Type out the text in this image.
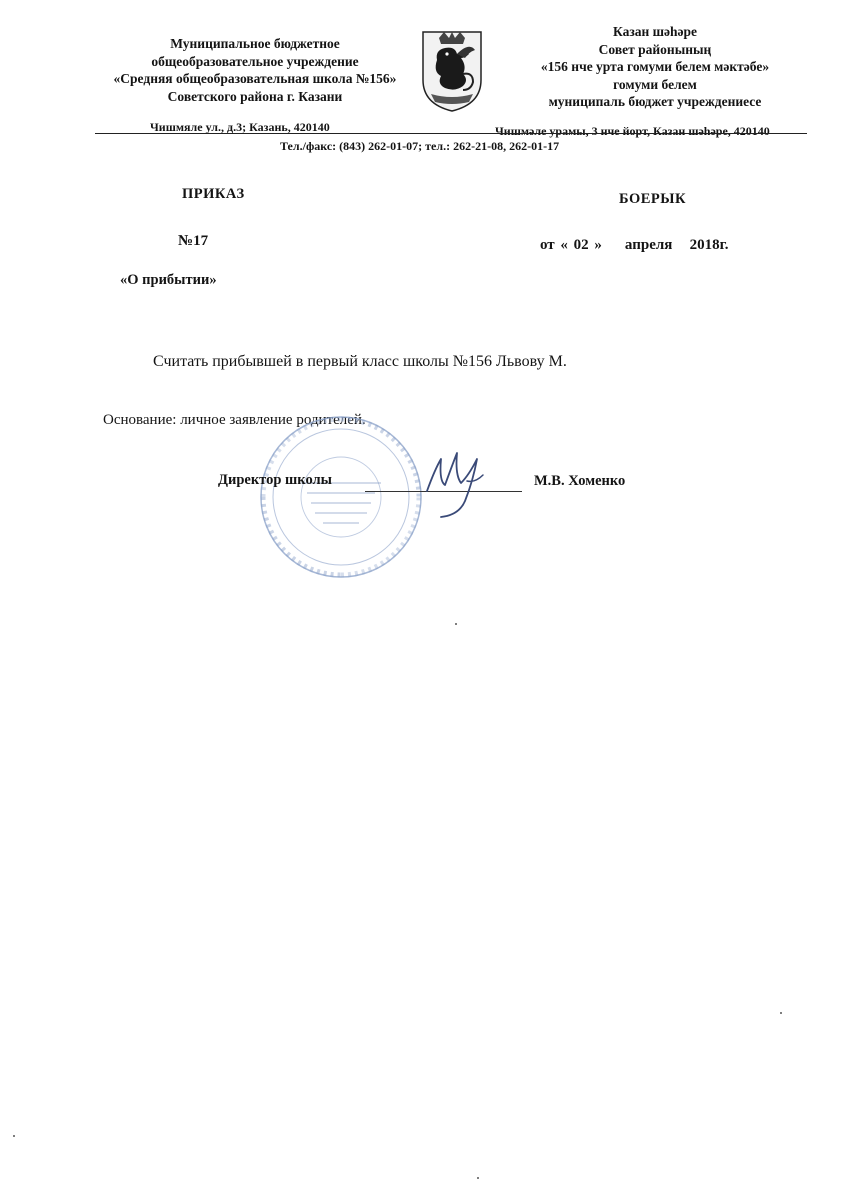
Муниципальное бюджетное
общеобразовательное учреждение
«Средняя общеобразовательная школа №156»
Советского района г. Казани
Казан шәһәре
Совет районының
«156 нче урта гомуми белем мәктәбе»
гомуми белем
муниципаль бюджет учреждениесе
Чишмяле ул., д.3; Казань, 420140	Чишмәле урамы, 3 нче йорт, Казан шәһәре, 420140
Тел./факс: (843) 262-01-07; тел.: 262-21-08, 262-01-17
ПРИКАЗ	БОЕРЫК
№17	от « 02 »    апреля   2018г.
«О прибытии»
Считать прибывшей в первый класс школы №156 Львову М.
Основание: личное заявление родителей.
Директор школы	М.В. Хоменко
